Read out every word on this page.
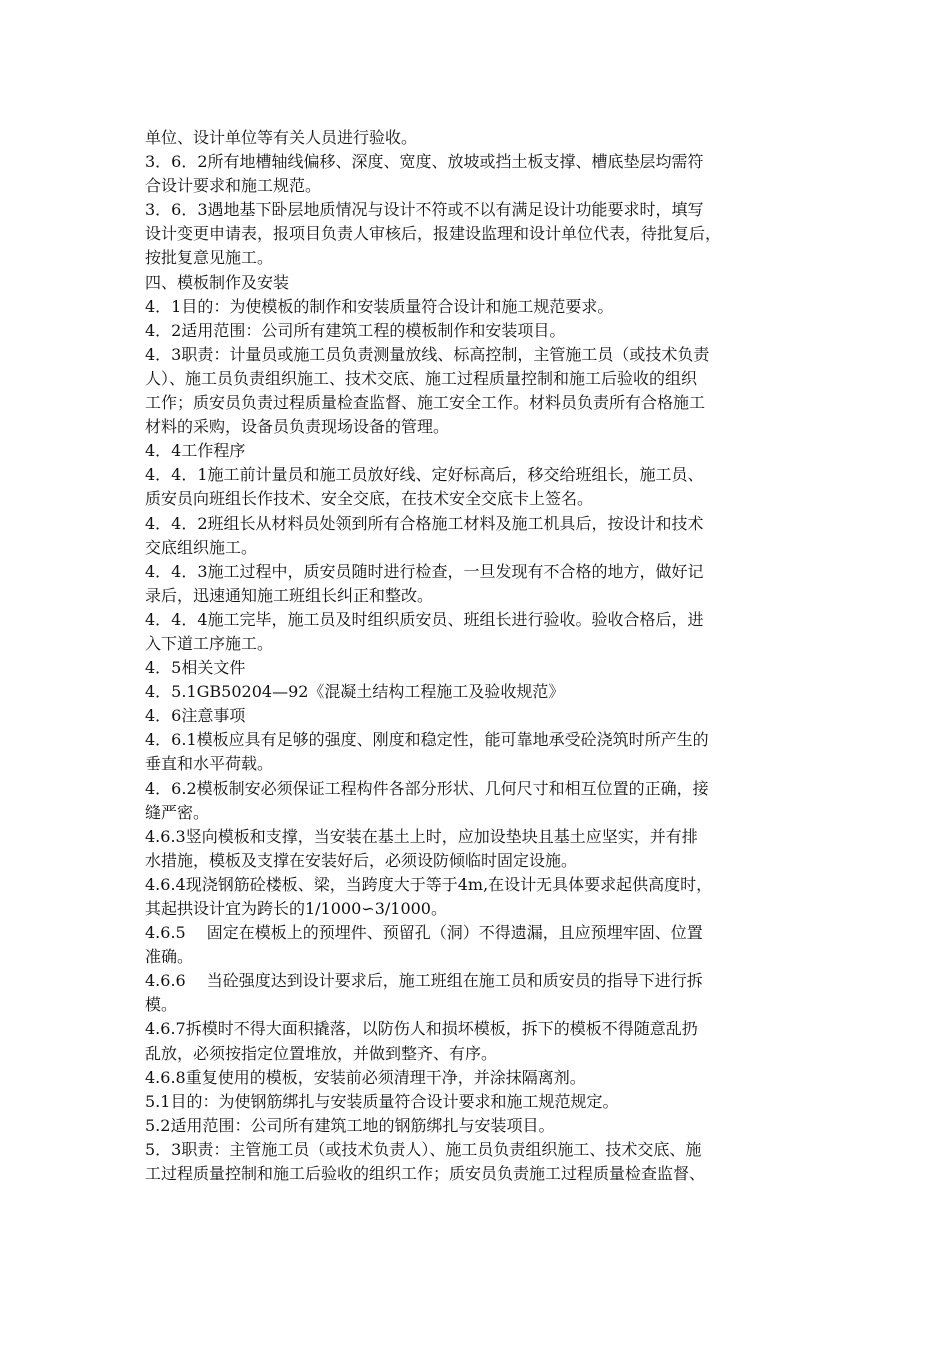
单位、设计单位等有关人员进行验收。
3．6．2所有地槽轴线偏移、深度、宽度、放坡或挡土板支撑、槽底垫层均需符
合设计要求和施工规范。
3．6．3遇地基下卧层地质情况与设计不符或不以有满足设计功能要求时，填写
设计变更申请表，报项目负责人审核后，报建设监理和设计单位代表，待批复后，
按批复意见施工。
四、模板制作及安装
4．1目的：为使模板的制作和安装质量符合设计和施工规范要求。
4．2适用范围：公司所有建筑工程的模板制作和安装项目。
4．3职责：计量员或施工员负责测量放线、标高控制，主管施工员（或技术负责
人）、施工员负责组织施工、技术交底、施工过程质量控制和施工后验收的组织
工作；质安员负责过程质量检查监督、施工安全工作。材料员负责所有合格施工
材料的采购，设备员负责现场设备的管理。
4．4工作程序
4．4．1施工前计量员和施工员放好线、定好标高后，移交给班组长，施工员、
质安员向班组长作技术、安全交底，在技术安全交底卡上签名。
4．4．2班组长从材料员处领到所有合格施工材料及施工机具后，按设计和技术
交底组织施工。
4．4．3施工过程中，质安员随时进行检查，一旦发现有不合格的地方，做好记
录后，迅速通知施工班组长纠正和整改。
4．4．4施工完毕，施工员及时组织质安员、班组长进行验收。验收合格后，进
入下道工序施工。
4．5相关文件
4．5.1GB50204—92《混凝土结构工程施工及验收规范》
4．6注意事项
4．6.1模板应具有足够的强度、刚度和稳定性，能可靠地承受砼浇筑时所产生的
垂直和水平荷载。
4．6.2模板制安必须保证工程构件各部分形状、几何尺寸和相互位置的正确，接
缝严密。
4.6.3竖向模板和支撑，当安装在基土上时，应加设垫块且基土应坚实，并有排
水措施，模板及支撑在安装好后，必须设防倾临时固定设施。
4.6.4现浇钢筋砼楼板、梁，当跨度大于等于4m,在设计无具体要求起供高度时，
其起拱设计宜为跨长的1/1000∽3/1000。
4.6.5　 固定在模板上的预埋件、预留孔（洞）不得遗漏，且应预埋牢固、位置
准确。
4.6.6　 当砼强度达到设计要求后，施工班组在施工员和质安员的指导下进行拆
模。
4.6.7拆模时不得大面积撬落，以防伤人和损坏模板，拆下的模板不得随意乱扔
乱放，必须按指定位置堆放，并做到整齐、有序。
4.6.8重复使用的模板，安装前必须清理干净，并涂抹隔离剂。
5.1目的：为使钢筋绑扎与安装质量符合设计要求和施工规范规定。
5.2适用范围：公司所有建筑工地的钢筋绑扎与安装项目。
5．3职责：主管施工员（或技术负责人）、施工员负责组织施工、技术交底、施
工过程质量控制和施工后验收的组织工作；质安员负责施工过程质量检查监督、
